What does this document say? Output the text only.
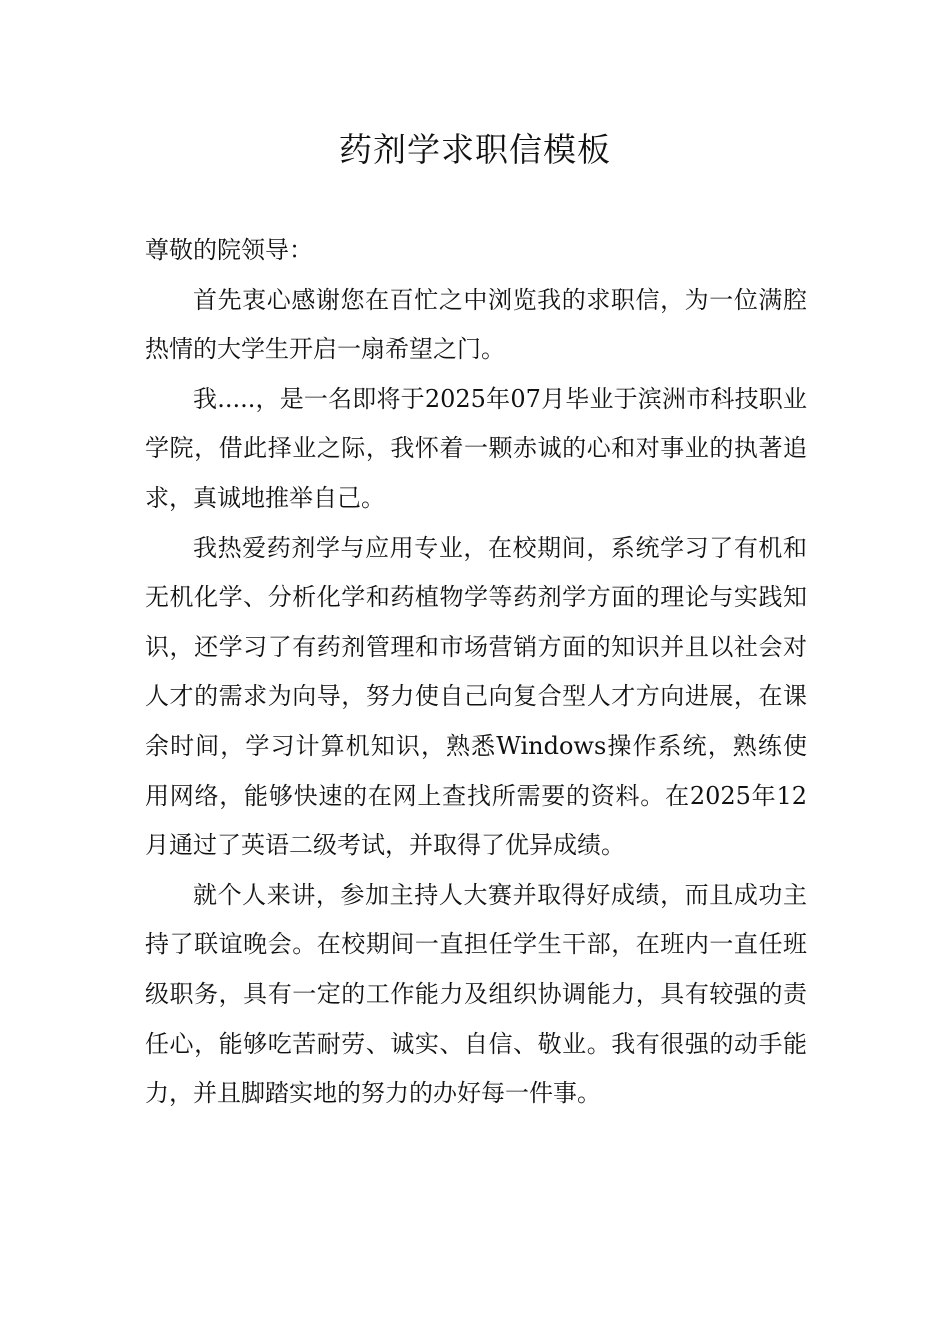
药剂学求职信模板

尊敬的院领导：

首先衷心感谢您在百忙之中浏览我的求职信，为一位满腔热情的大学生开启一扇希望之门。

我.....，是一名即将于2025年07月毕业于滨洲市科技职业学院，借此择业之际，我怀着一颗赤诚的心和对事业的执著追求，真诚地推举自己。

我热爱药剂学与应用专业，在校期间，系统学习了有机和无机化学、分析化学和药植物学等药剂学方面的理论与实践知识，还学习了有药剂管理和市场营销方面的知识并且以社会对人才的需求为向导，努力使自己向复合型人才方向进展，在课余时间，学习计算机知识，熟悉Windows操作系统，熟练使用网络，能够快速的在网上查找所需要的资料。在2025年12月通过了英语二级考试，并取得了优异成绩。

就个人来讲，参加主持人大赛并取得好成绩，而且成功主持了联谊晚会。在校期间一直担任学生干部，在班内一直任班级职务，具有一定的工作能力及组织协调能力，具有较强的责任心，能够吃苦耐劳、诚实、自信、敬业。我有很强的动手能力，并且脚踏实地的努力的办好每一件事。
